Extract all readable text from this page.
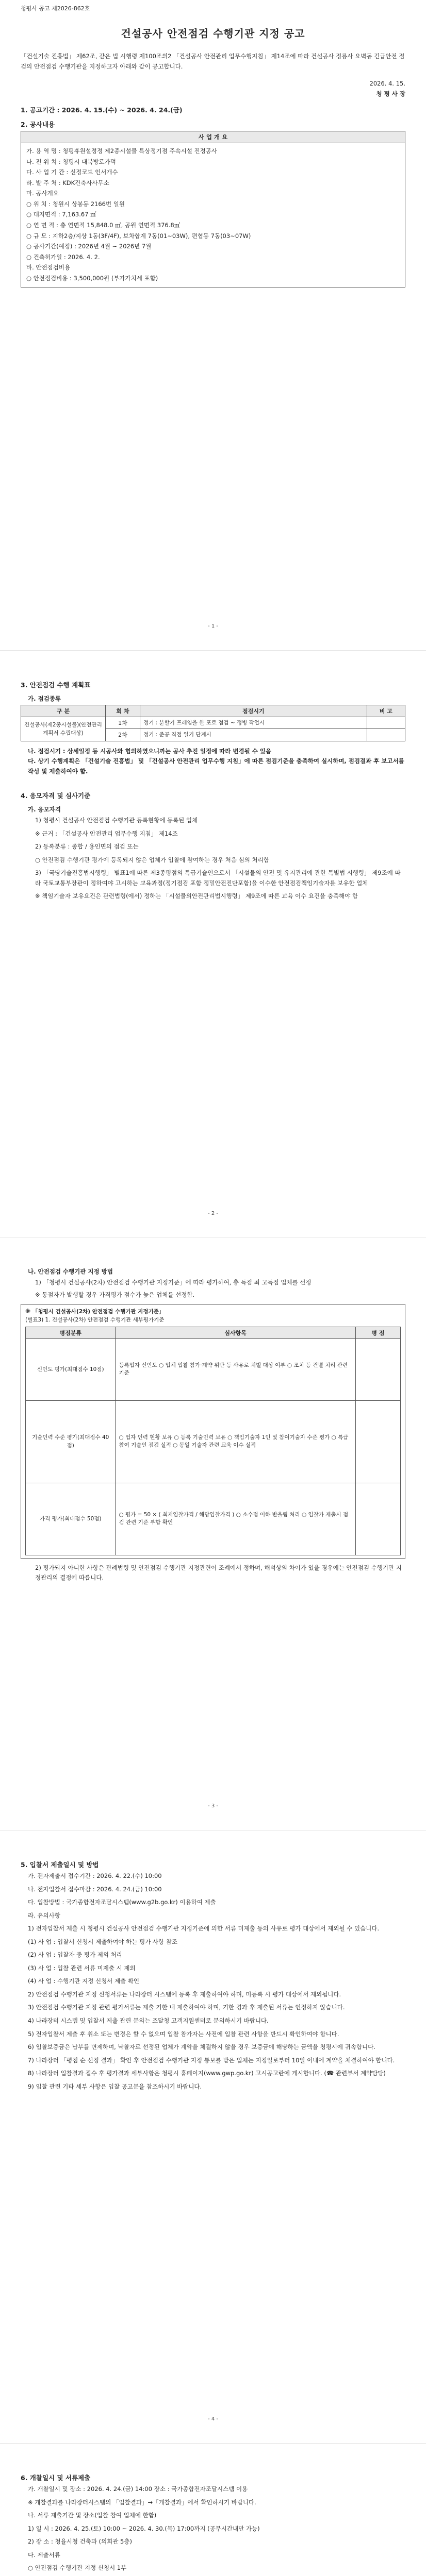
청평사 공고 제2026-862호
건설공사 안전점검 수행기관 지정 공고

「건설기술 진흥법」 제62조, 같은 법 시행령 제100조의2 「건설공사 안전관리 업무수행지침」 제14조에 따라 건설공사 정릉사 요벽동 긴급안전 점검의 안전점검 수행기관을 지정하고자 아래와 같이 공고합니다.

2026. 4. 15.

청 평 사 장

1. 공고기간 : 2026. 4. 15.(수) ~ 2026. 4. 24.(금)
2. 공사내용
사 업 개 요

가. 용 역 명 : 청평휴원설정정 제2종시설물 특상정기점 주속시설 진정공사

나. 전 위 치 : 청평시 대북방로가덕

다. 사 업 기 간 : 신정코드 인서개수

라. 발 주 처 : KDK건축사사무소

마. 공사개요

○ 위 치 : 청원시 상봉동 2166번 일원

○ 대지면적 : 7,163.67 ㎡

○ 연 면 적 : 총 연면적 15,848.0 ㎡, 공원 연면적 376.8㎡

○ 규 모 : 지하2층/지상 1동(3F/4F), 보차합계 7동(01~03W), 편협등 7동(03~07W)

○ 공사기간(예정) : 2026년 4월 ~ 2026년 7월

○ 건축허가일 : 2026. 4. 2.

바. 안전점검비용

○ 안전점검비용 : 3,500,000원 (부가가치세 포함)

- 1 -
3. 안전점검 수행 계획표
가. 점검종류
구 분	회 차	점검시기	비 고
건설공사(제2종시설물)(안전관리계획서 수립대상)	1차	정기 : 분할기 프레임을 한 포로 점검 ~ 정빙 작업시	
	2차	정기 : 준공 직접 일기 단계시	

나. 점검시기 : 상세일정 등 시공사와 협의하였으니까는 공사 추진 일정에 따라 변경될 수 있음

다. 상기 수행계획은 「건설기술 진흥법」 및 「건설공사 안전관리 업무수행 지침」에 따른 점검기준을 충족하여 실시하며, 점검결과 후 보고서를 작성 및 제출하여야 함.

4. 응모자격 및 심사기준
가. 응모자격

1) 청평시 건설공사 안전점검 수행기관 등록현황에 등록된 업체

※ 근거 : 「건설공사 안전관리 업무수행 지침」 제14조

2) 등록분류 : 종합 / 용인면의 점검 또는

○ 안전점검 수행기관 평가에 등록되지 않은 업체가 입찰에 참여하는 경우 처음 심의 처리함

3) 「국당기술진흥법시행령」 별표1에 따른 제3종평점의 특급기술인으로서 「시설물의 안전 및 유지관리에 관한 특별법 시행령」 제9조에 따라 국토교통부장관이 정하여야 고시하는 교육과정(정기점검 포함 정밀안전진단포함)을 이수한 안전점검책임기술자를 보유한 업체

※ 책임기술자 보유요건은 관련법령(에서) 정하는 「시설물의안전관리법시행령」 제9조에 따른 교육 이수 요건을 충족해야 함

- 2 -
나. 안전점검 수행기관 지정 방법

1) 「청평시 건설공사(2차) 안전점검 수행기관 지정기준」에 따라 평가하여, 총 득점 최 고득점 업체를 선정

※ 동점자가 발생할 경우 가격평가 점수가 높은 업체를 선정함.

※ 「청평시 건설공사(2차) 안전점검 수행기관 지정기준」

(별표3) 1. 건설공사(2차) 안전점검 수행기관 세부평가기준

평점분류	심사항목	평 점
신인도 평가(최대점수 10점)	등록업자 신인도 ○ 업체 입찰 참가·계약 위반 등 사유로 처벌 대상 여부 ○ 조치 등 건별 처리 관련 기준	
기술인력 수준 평가(최대점수 40점)	○ 업자 인력 현황 보유 ○ 등록 기술인력 보유 ○ 책임기술자 1인 및 참여기술자 수준 평가 ○ 특급 참여 기술인 점검 실적 ○ 동일 기술자 관련 교육 이수 실적	
가격 평가(최대점수 50점)	○ 평가 = 50 × ( 최저입찰가격 / 해당입찰가격 ) ○ 소수점 이하 반올림 처리 ○ 입찰가 제출시 점검 관련 기준 부합 확인	

2) 평가되지 아니한 사항은 관례법령 및 안전점검 수행기관 지정관련이 조례에서 정하며, 해석상의 차이가 있을 경우에는 안전점검 수행기관 지정관리의 결정에 따릅니다.

- 3 -
5. 입찰서 제출일시 및 방법

가. 전자제출서 접수기간 : 2026. 4. 22.(수) 10:00

나. 전자입찰서 접수마감 : 2026. 4. 24.(금) 10:00

다. 입찰방법 : 국가종합전자조달시스템(www.g2b.go.kr) 이용하여 제출

라. 유의사항

1) 전자입찰서 제출 시 청평시 건설공사 안전점검 수행기관 지정기준에 의한 서류 미제출 등의 사유로 평가 대상에서 제외될 수 있습니다.

(1) 사 업 : 입찰서 신청시 제출하여야 하는 평가 사항 참조

(2) 사 업 : 입찰자 중 평가 제외 처리

(3) 사 업 : 입찰 관련 서류 미제출 시 제외

(4) 사 업 : 수행기관 지정 신청서 제출 확인

2) 안전점검 수행기관 지정 신청서류는 나라장터 시스템에 등록 후 제출하여야 하며, 미등록 시 평가 대상에서 제외됩니다.

3) 안전점검 수행기관 지정 관련 평가서류는 제출 기한 내 제출하여야 하며, 기한 경과 후 제출된 서류는 인정하지 않습니다.

4) 나라장터 시스템 및 입찰서 제출 관련 문의는 조달청 고객지원센터로 문의하시기 바랍니다.

5) 전자입찰서 제출 후 취소 또는 변경은 할 수 없으며 입찰 참가자는 사전에 입찰 관련 사항을 반드시 확인하여야 합니다.

6) 입찰보증금은 납부를 면제하며, 낙찰자로 선정된 업체가 계약을 체결하지 않을 경우 보증금에 해당하는 금액을 청평시에 귀속합니다.

7) 나라장터 「평점 순 선정 결과」 확인 후 안전점검 수행기관 지정 통보를 받은 업체는 지정일로부터 10일 이내에 계약을 체결하여야 합니다.

8) 나라장터 입찰결과 접수 후 평가결과 세부사항은 청평시 홈페이지(www.gwp.go.kr) 고시공고란에 게시합니다. (☎ 관련부서 계약담당)

9) 입찰 관련 기타 세부 사항은 입찰 공고문을 참조하시기 바랍니다.

- 4 -
6. 개찰일시 및 서류제출

가. 개찰일시 및 장소 : 2026. 4. 24.(금) 14:00 장소 : 국가종합전자조달시스템 이용

※ 개찰결과를 나라장터시스템의 「입찰결과」→「개찰결과」에서 확인하시기 바랍니다.

나. 서류 제출기간 및 장소(입찰 참여 업체에 한함)

1) 일 시 : 2026. 4. 25.(토) 10:00 ~ 2026. 4. 30.(목) 17:00까지 (공무시간내만 가능)

2) 장 소 : 청율시청 건축과 (의회관 5층)

다. 제출서류

○ 안전점검 수행기관 지정 신청서 1부
